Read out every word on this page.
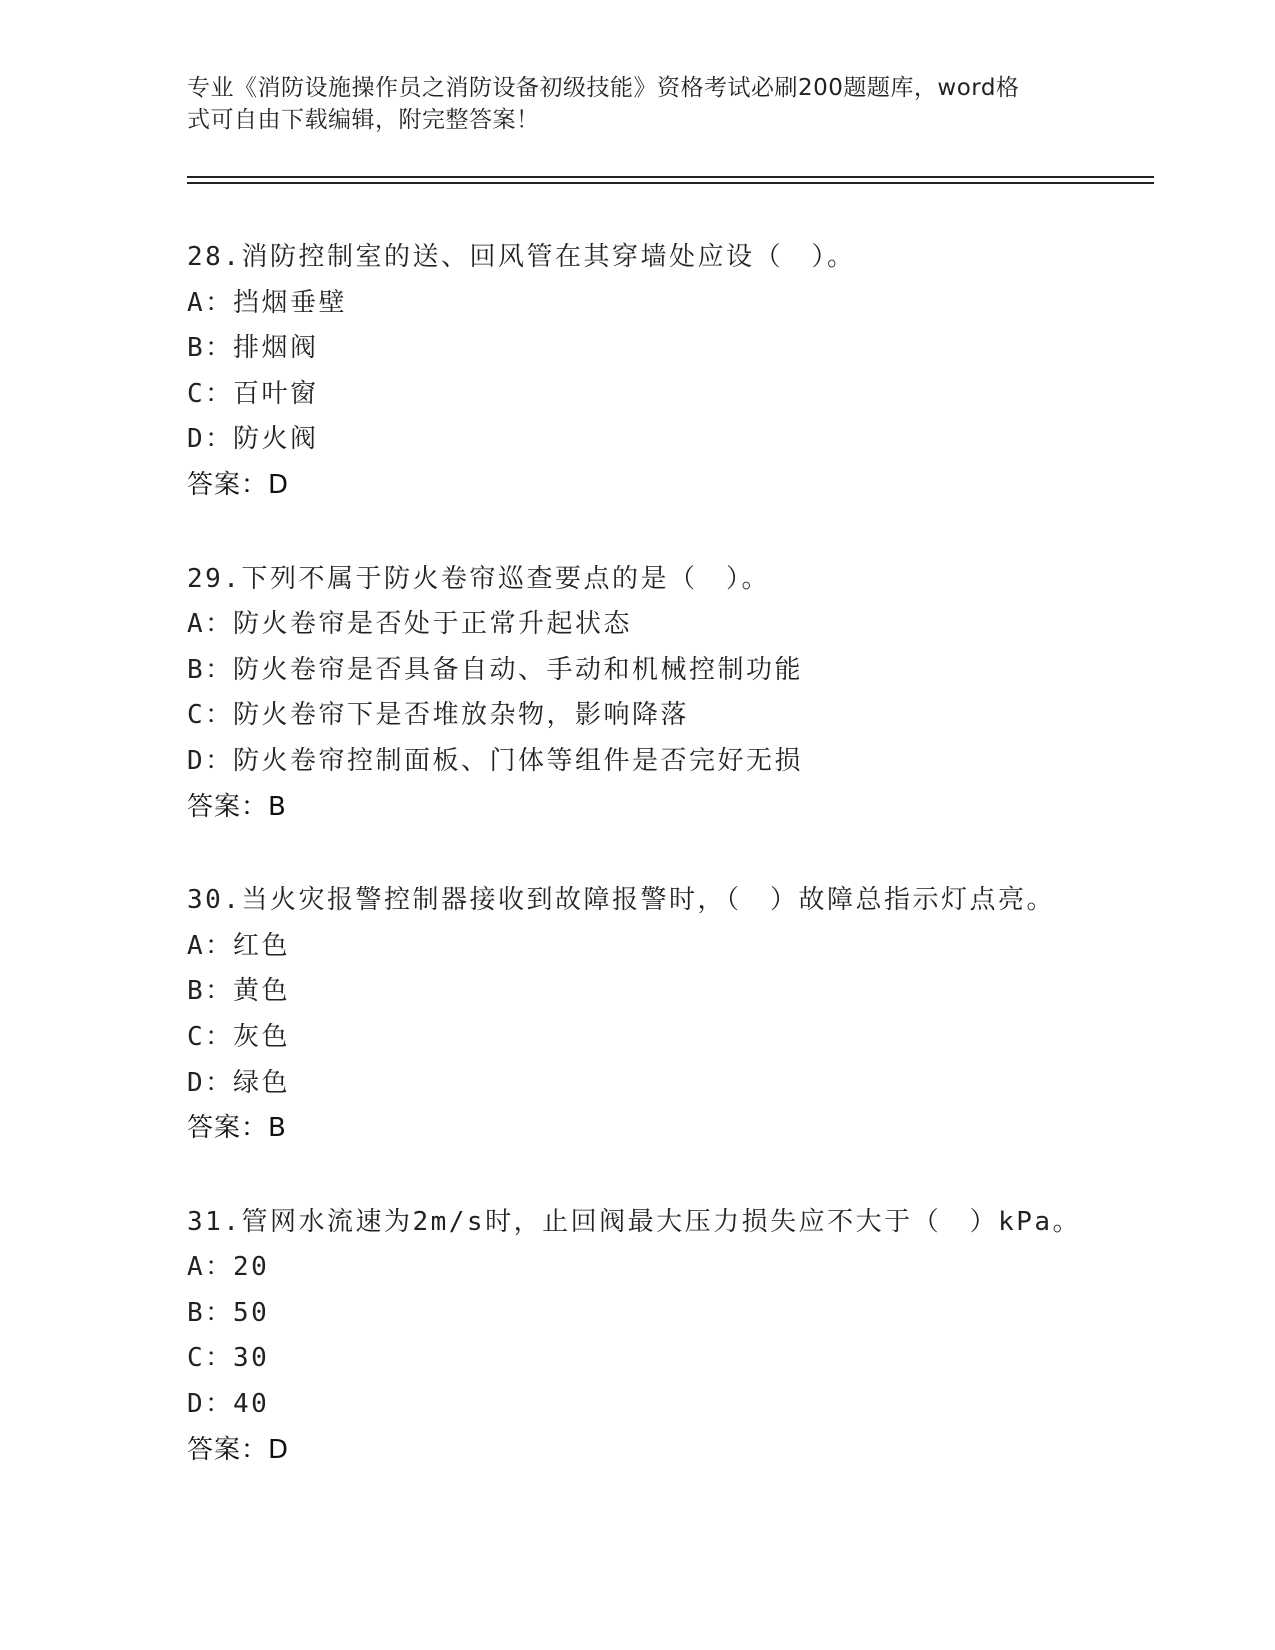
专业《消防设施操作员之消防设备初级技能》资格考试必刷200题题库，word格
式可自由下载编辑，附完整答案！
28.消防控制室的送、回风管在其穿墙处应设（　）。
A：挡烟垂壁
B：排烟阀
C：百叶窗
D：防火阀
答案：D
29.下列不属于防火卷帘巡查要点的是（　）。
A：防火卷帘是否处于正常升起状态
B：防火卷帘是否具备自动、手动和机械控制功能
C：防火卷帘下是否堆放杂物，影响降落
D：防火卷帘控制面板、门体等组件是否完好无损
答案：B
30.当火灾报警控制器接收到故障报警时，（　）故障总指示灯点亮。
A：红色
B：黄色
C：灰色
D：绿色
答案：B
31.管网水流速为2m/s时，止回阀最大压力损失应不大于（　）kPa。
A：20
B：50
C：30
D：40
答案：D
